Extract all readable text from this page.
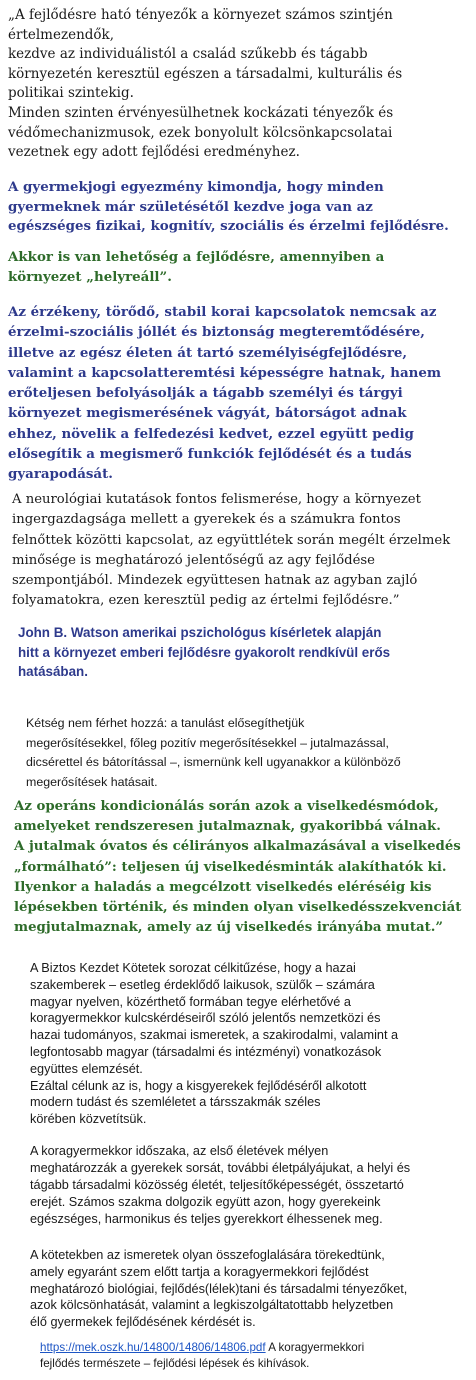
„A fejlődésre ható tényezők a környezet számos szintjén
értelmezendők,
kezdve az individuálistól a család szűkebb és tágabb
környezetén keresztül egészen a társadalmi, kulturális és
politikai szintekig.
Minden szinten érvényesülhetnek kockázati tényezők és
védőmechanizmusok, ezek bonyolult kölcsönkapcsolatai
vezetnek egy adott fejlődési eredményhez.
A gyermekjogi egyezmény kimondja, hogy minden
gyermeknek már születésétől kezdve joga van az
egészséges fizikai, kognitív, szociális és érzelmi fejlődésre.
Akkor is van lehetőség a fejlődésre, amennyiben a
környezet „helyreáll”.
Az érzékeny, törődő, stabil korai kapcsolatok nemcsak az
érzelmi-szociális jóllét és biztonság megteremtődésére,
illetve az egész életen át tartó személyiségfejlődésre,
valamint a kapcsolatteremtési képességre hatnak, hanem
erőteljesen befolyásolják a tágabb személyi és tárgyi
környezet megismerésének vágyát, bátorságot adnak
ehhez, növelik a felfedezési kedvet, ezzel együtt pedig
elősegítik a megismerő funkciók fejlődését és a tudás
gyarapodását.
A neurológiai kutatások fontos felismerése, hogy a környezet
ingergazdagsága mellett a gyerekek és a számukra fontos
felnőttek közötti kapcsolat, az együttlétek során megélt érzelmek
minősége is meghatározó jelentőségű az agy fejlődése
szempontjából. Mindezek együttesen hatnak az agyban zajló
folyamatokra, ezen keresztül pedig az értelmi fejlődésre.”
John B. Watson amerikai pszichológus kísérletek alapján
hitt a környezet emberi fejlődésre gyakorolt rendkívül erős
hatásában.
Kétség nem férhet hozzá: a tanulást elősegíthetjük
megerősítésekkel, főleg pozitív megerősítésekkel – jutalmazással,
dicsérettel és bátorítással –, ismernünk kell ugyanakkor a különböző
megerősítések hatásait.
Az operáns kondicionálás során azok a viselkedésmódok,
amelyeket rendszeresen jutalmaznak, gyakoribbá válnak.
A jutalmak óvatos és célirányos alkalmazásával a viselkedés
„formálható”: teljesen új viselkedésminták alakíthatók ki.
Ilyenkor a haladás a megcélzott viselkedés eléréséig kis
lépésekben történik, és minden olyan viselkedésszekvenciát
megjutalmaznak, amely az új viselkedés irányába mutat.”
A Biztos Kezdet Kötetek sorozat célkitűzése, hogy a hazai
szakemberek – esetleg érdeklődő laikusok, szülők – számára
magyar nyelven, közérthető formában tegye elérhetővé a
koragyermekkor kulcskérdéseiről szóló jelentős nemzetközi és
hazai tudományos, szakmai ismeretek, a szakirodalmi, valamint a
legfontosabb magyar (társadalmi és intézményi) vonatkozások
együttes elemzését.
Ezáltal célunk az is, hogy a kisgyerekek fejlődéséről alkotott
modern tudást és szemléletet a társszakmák széles
körében közvetítsük.
A koragyermekkor időszaka, az első életévek mélyen
meghatározzák a gyerekek sorsát, további életpályájukat, a helyi és
tágabb társadalmi közösség életét, teljesítőképességét, összetartó
erejét. Számos szakma dolgozik együtt azon, hogy gyerekeink
egészséges, harmonikus és teljes gyerekkort élhessenek meg.
A kötetekben az ismeretek olyan összefoglalására törekedtünk,
amely egyaránt szem előtt tartja a koragyermekkori fejlődést
meghatározó biológiai, fejlődés(lélek)tani és társadalmi tényezőket,
azok kölcsönhatását, valamint a legkiszolgáltatottabb helyzetben
élő gyermekek fejlődésének kérdését is.
https://mek.oszk.hu/14800/14806/14806.pdf A koragyermekkori
fejlődés természete – fejlődési lépések és kihívások.
